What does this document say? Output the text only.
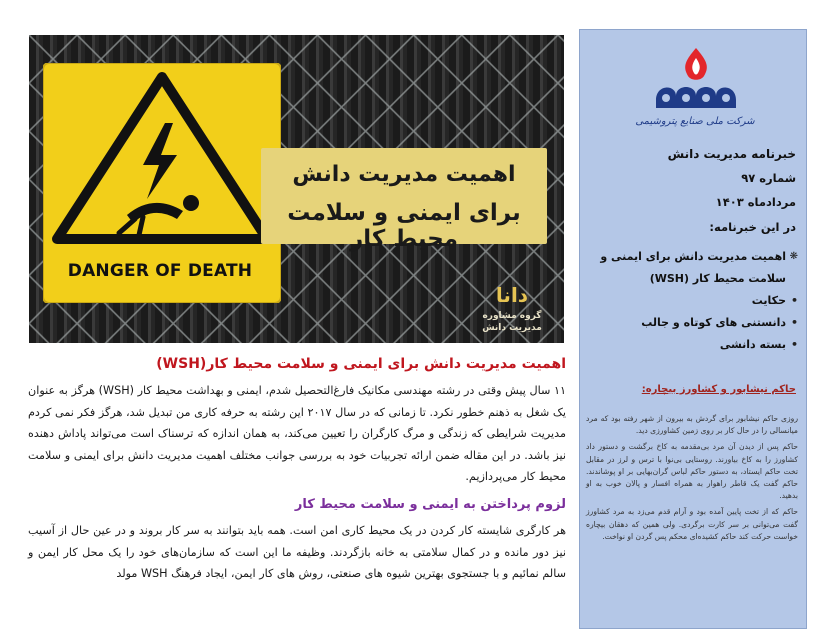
DANGER OF DEATH
اهمیت مدیریت دانش
برای ایمنی و سلامت محیط کار
دانا
گروه مشاوره
مدیریت دانش
شرکت ملی صنایع پتروشیمی
خبرنامه مدیریت دانش
شماره ۹۷
مردادماه ۱۴۰۳
در این خبرنامه:
❋ اهمیت مدیریت دانش برای ایمنی و سلامت محیط کار (WSH)
• حکایت
• دانستنی های کوتاه و جالب
• بسته دانشی
حاکم نیشابور و کشاورز بیچاره:

روزی حاکم نیشابور برای گردش به بیرون از شهر رفته بود که مرد میانسالی را در حال کار بر روی زمین کشاورزی دید.

حاکم پس از دیدن آن مرد بی‌مقدمه به کاخ برگشت و دستور داد کشاورز را به کاخ بیاورند. روستایی بی‌نوا با ترس و لرز در مقابل تخت حاکم ایستاد، به دستور حاکم لباس گران‌بهایی بر او پوشاندند. حاکم گفت یک قاطر راهوار به همراه افسار و پالان خوب به او بدهید.

حاکم که از تخت پایین آمده بود و آرام قدم می‌زد به مرد کشاورز گفت می‌توانی بر سر کارت برگردی. ولی همین که دهقان بیچاره خواست حرکت کند حاکم کشیده‌ای محکم پس گردن او نواخت.

اهمیت مدیریت دانش برای ایمنی و سلامت محیط کار(WSH)

۱۱ سال پیش وقتی در رشته مهندسی مکانیک فارغ‌التحصیل شدم، ایمنی و بهداشت محیط کار (WSH) هرگز به عنوان یک شغل به ذهنم خطور نکرد. تا زمانی که در سال ۲۰۱۷ این رشته به حرفه کاری من تبدیل شد، هرگز فکر نمی کردم مدیریت شرایطی که زندگی و مرگ کارگران را تعیین می‌کند، به همان اندازه که ترسناک است می‌تواند پاداش دهنده نیز باشد. در این مقاله ضمن ارائه تجربیات خود به بررسی جوانب مختلف اهمیت مدیریت دانش برای ایمنی و سلامت محیط کار می‌پردازیم.

لزوم پرداختن به ایمنی و سلامت محیط کار

هر کارگری شایسته کار کردن در یک محیط کاری امن است. همه باید بتوانند به سر کار بروند و در عین حال از آسیب نیز دور مانده و در کمال سلامتی به خانه بازگردند. وظیفه ما این است که سازمان‌های خود را یک محل کار ایمن و سالم نمائیم و با جستجوی بهترین شیوه های صنعتی، روش های کار ایمن، ایجاد فرهنگ WSH مولد
